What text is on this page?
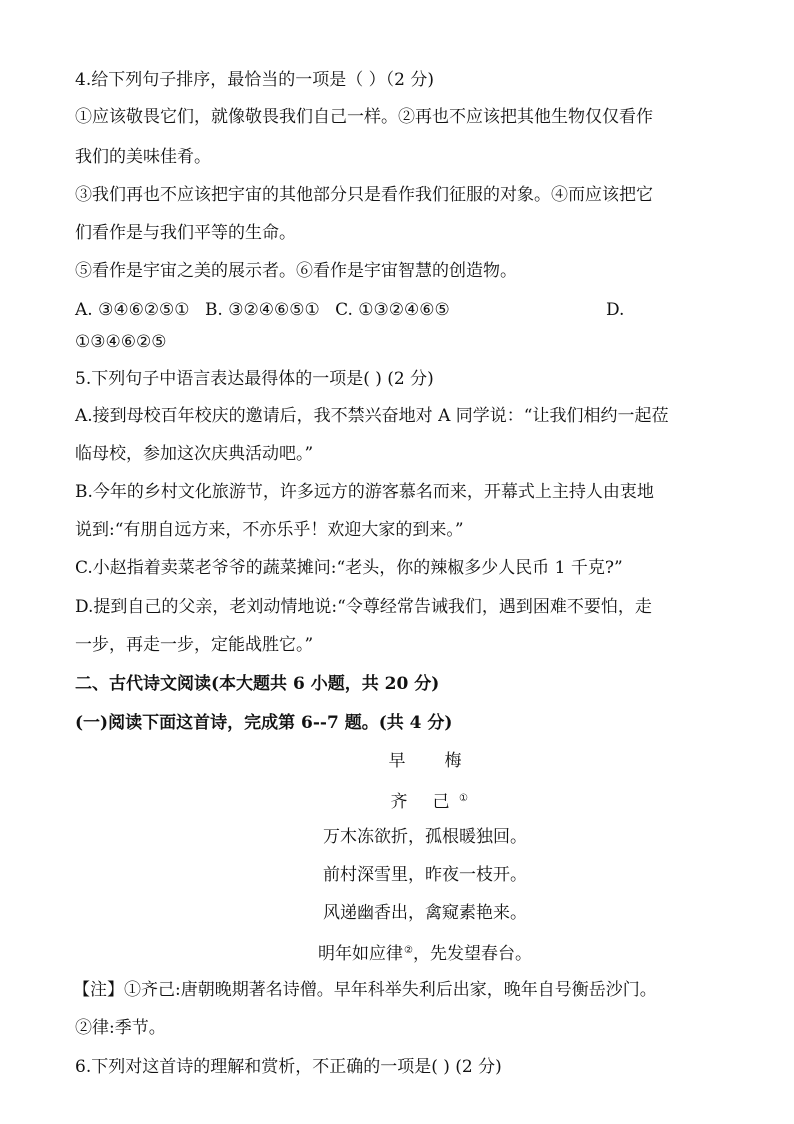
4.给下列句子排序，最恰当的一项是（ ）（2 分)
①应该敬畏它们，就像敬畏我们自己一样。②再也不应该把其他生物仅仅看作
我们的美味佳肴。
③我们再也不应该把宇宙的其他部分只是看作我们征服的对象。④而应该把它
们看作是与我们平等的生命。
⑤看作是宇宙之美的展示者。⑥看作是宇宙智慧的创造物。
A. ③④⑥②⑤① B. ③②④⑥⑤① C. ①③②④⑥⑤	D.
①③④⑥②⑤
5.下列句子中语言表达最得体的一项是( ) (2 分)
A.接到母校百年校庆的邀请后，我不禁兴奋地对 A 同学说：“让我们相约一起莅
临母校，参加这次庆典活动吧。”
B.今年的乡村文化旅游节，许多远方的游客慕名而来，开幕式上主持人由衷地
说到:“有朋自远方来，不亦乐乎！欢迎大家的到来。”
C.小赵指着卖菜老爷爷的蔬菜摊问:“老头，你的辣椒多少人民币 1 千克?”
D.提到自己的父亲，老刘动情地说:“令尊经常告诫我们，遇到困难不要怕，走
一步，再走一步，定能战胜它。”
二、古代诗文阅读(本大题共 6 小题，共 20 分)
(一)阅读下面这首诗，完成第 6--7 题。(共 4 分)
早 梅
齐 己 ①
万木冻欲折，孤根暖独回。
前村深雪里，昨夜一枝开。
风递幽香出，禽窥素艳来。
明年如应律②，先发望春台。
【注】①齐己:唐朝晚期著名诗僧。早年科举失利后出家，晚年自号衡岳沙门。
②律:季节。
6.下列对这首诗的理解和赏析，不正确的一项是( ) (2 分)
